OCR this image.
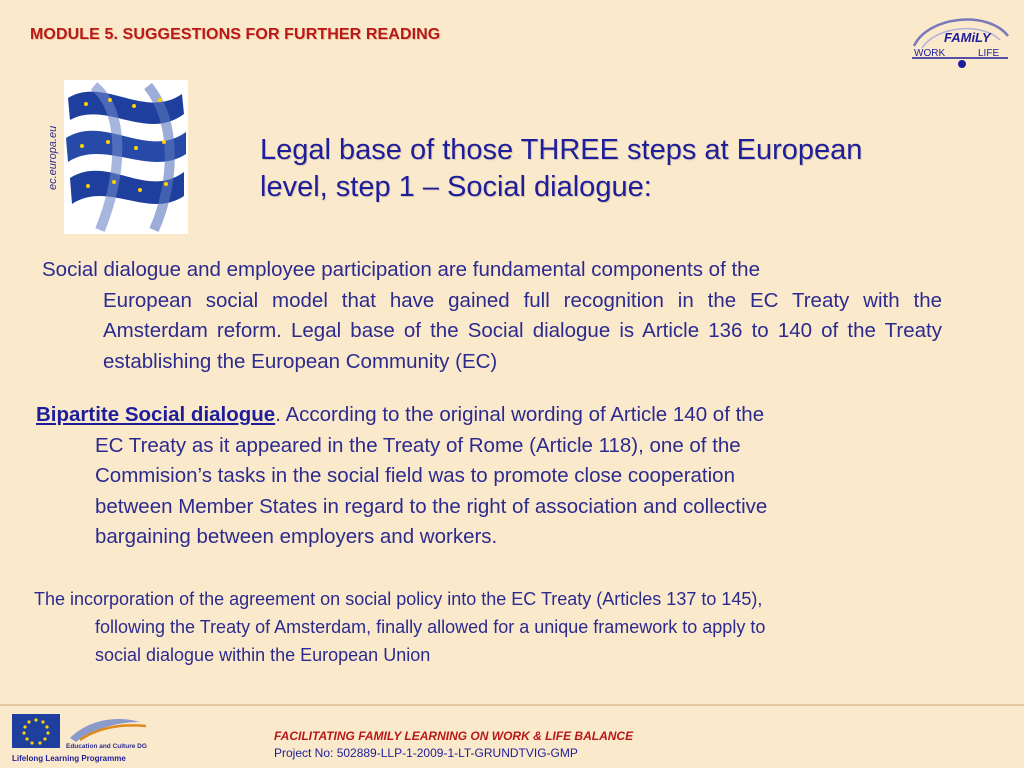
MODULE 5. SUGGESTIONS FOR FURTHER READING	FAMiLY
WORK	LIFE
ec.europa.eu	Legal base of those THREE steps at European
level, step 1 – Social dialogue:
Social dialogue and employee participation are fundamental components of the
European social model that have gained full recognition in the EC Treaty with the Amsterdam reform. Legal base of the Social dialogue is Article 136 to 140 of the Treaty establishing the European Community (EC)
Bipartite Social dialogue. According to the original wording of Article 140 of the
EC Treaty as it appeared in the Treaty of Rome (Article 118), one of the
Commision’s tasks in the social field was to promote close cooperation
between Member States in regard to the right of association and collective
bargaining between employers and workers.
The incorporation of the agreement on social policy into the EC Treaty (Articles 137 to 145),
following the Treaty of Amsterdam, finally allowed for a unique framework to apply to
social dialogue within the European Union
Education and Culture DG
Lifelong Learning Programme
FACILITATING FAMILY LEARNING ON WORK & LIFE BALANCE
Project No: 502889-LLP-1-2009-1-LT-GRUNDTVIG-GMP
